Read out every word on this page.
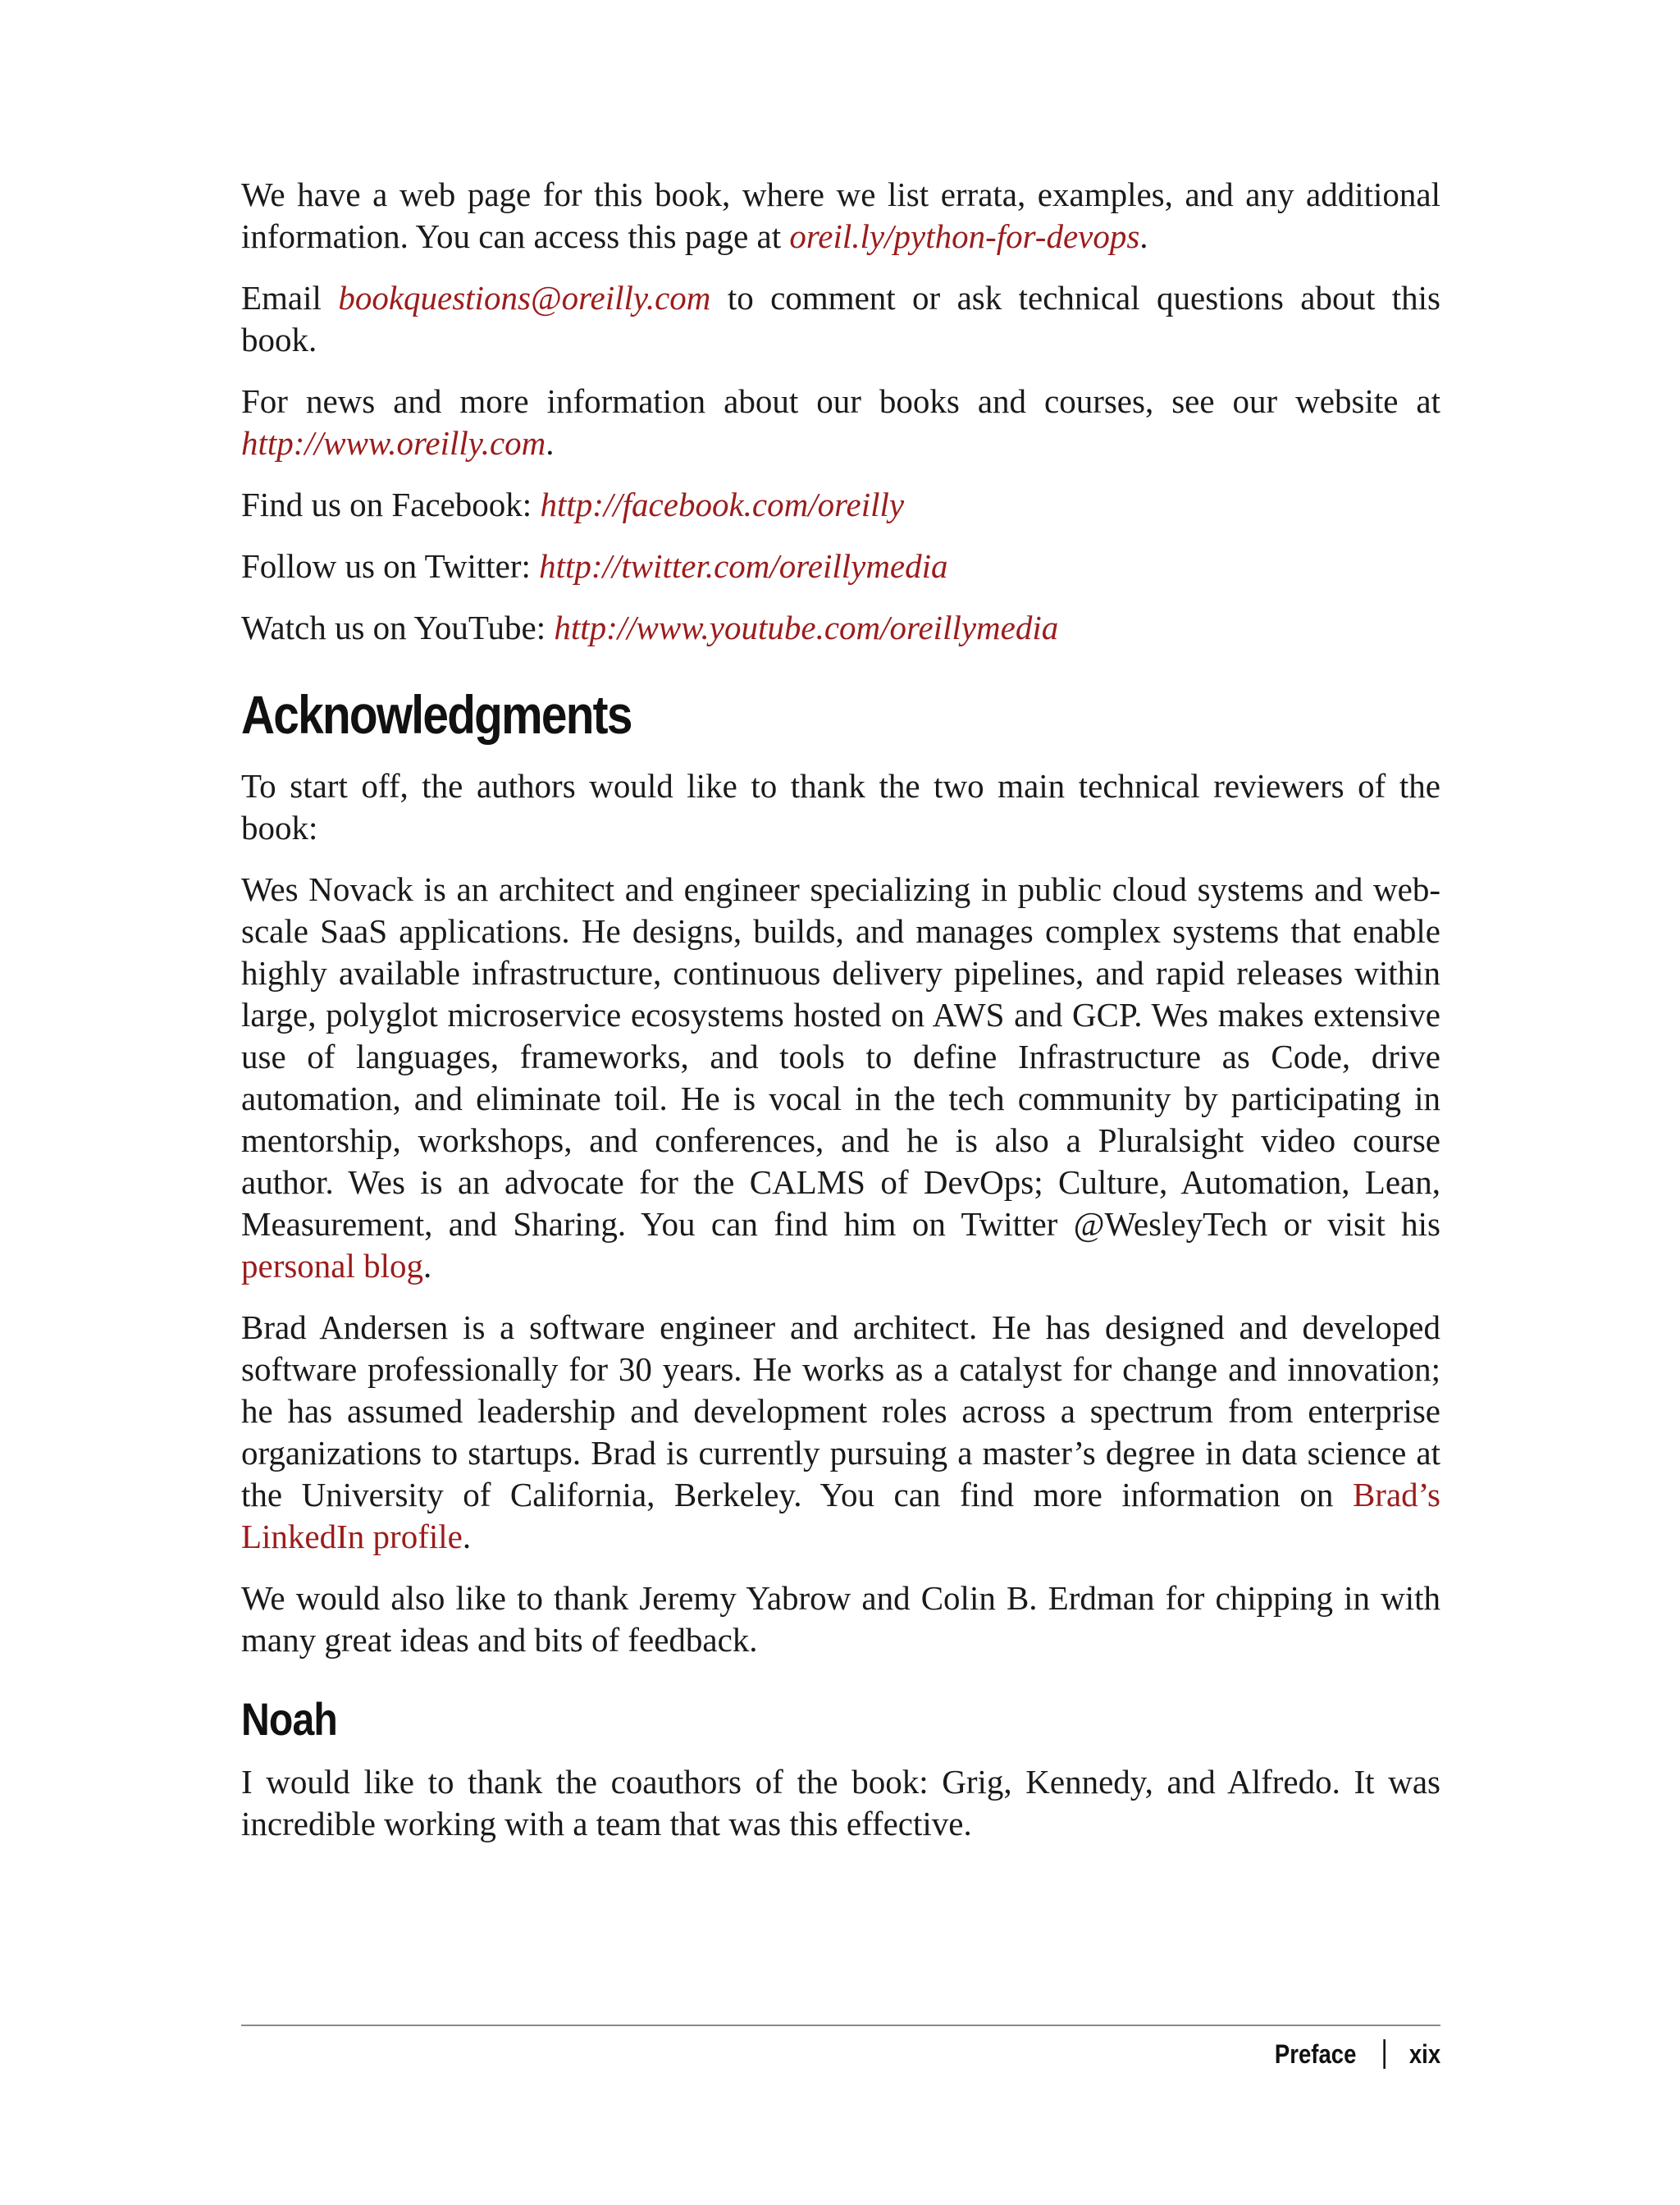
We have a web page for this book, where we list errata, examples, and any additional information. You can access this page at oreil.ly/python-for-devops.

Email bookquestions@oreilly.com to comment or ask technical questions about this book.

For news and more information about our books and courses, see our website at http://www.oreilly.com.

Find us on Facebook: http://facebook.com/oreilly

Follow us on Twitter: http://twitter.com/oreillymedia

Watch us on YouTube: http://www.youtube.com/oreillymedia

Acknowledgments

To start off, the authors would like to thank the two main technical reviewers of the book:

Wes Novack is an architect and engineer specializing in public cloud systems and web-scale SaaS applications. He designs, builds, and manages complex systems that enable highly available infrastructure, continuous delivery pipelines, and rapid releases within large, polyglot microservice ecosystems hosted on AWS and GCP. Wes makes extensive use of languages, frameworks, and tools to define Infrastructure as Code, drive automation, and eliminate toil. He is vocal in the tech community by participating in mentorship, workshops, and conferences, and he is also a Pluralsight video course author. Wes is an advocate for the CALMS of DevOps; Culture, Automation, Lean, Measurement, and Sharing. You can find him on Twitter @WesleyTech or visit his personal blog.

Brad Andersen is a software engineer and architect. He has designed and developed software professionally for 30 years. He works as a catalyst for change and innovation; he has assumed leadership and development roles across a spectrum from enterprise organizations to startups. Brad is currently pursuing a master’s degree in data science at the University of California, Berkeley. You can find more information on Brad’s LinkedIn profile.

We would also like to thank Jeremy Yabrow and Colin B. Erdman for chipping in with many great ideas and bits of feedback.

Noah

I would like to thank the coauthors of the book: Grig, Kennedy, and Alfredo. It was incredible working with a team that was this effective.

Preface xix
